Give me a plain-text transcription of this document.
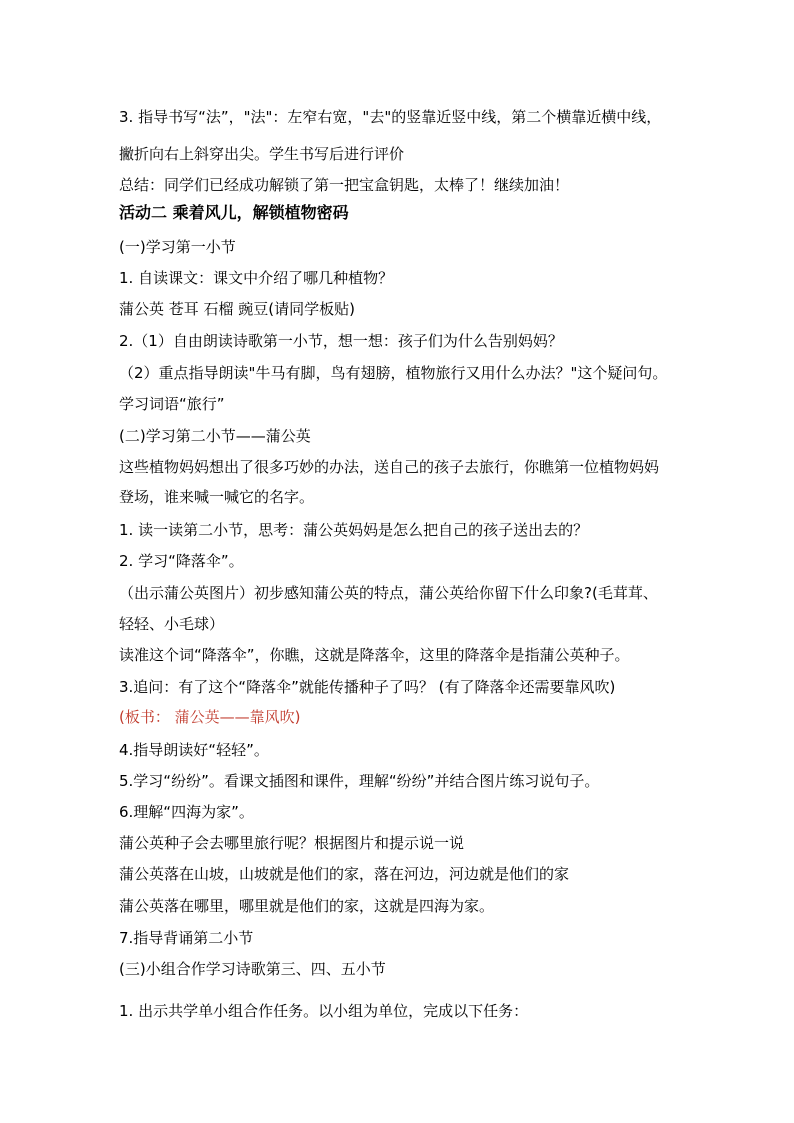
3. 指导书写“法”，"法"：左窄右宽，"去"的竖靠近竖中线，第二个横靠近横中线，
撇折向右上斜穿出尖。学生书写后进行评价
总结：同学们已经成功解锁了第一把宝盒钥匙，太棒了！继续加油！
活动二 乘着风儿，解锁植物密码
(一)学习第一小节
1. 自读课文：课文中介绍了哪几种植物？
蒲公英 苍耳 石榴 豌豆(请同学板贴)
2.（1）自由朗读诗歌第一小节，想一想：孩子们为什么告别妈妈？
（2）重点指导朗读"牛马有脚，鸟有翅膀，植物旅行又用什么办法？"这个疑问句。
学习词语“旅行”
(二)学习第二小节——蒲公英
这些植物妈妈想出了很多巧妙的办法，送自己的孩子去旅行，你瞧第一位植物妈妈
登场，谁来喊一喊它的名字。
1. 读一读第二小节，思考：蒲公英妈妈是怎么把自己的孩子送出去的？
2. 学习“降落伞”。
（出示蒲公英图片）初步感知蒲公英的特点，蒲公英给你留下什么印象?(毛茸茸、
轻轻、小毛球）
读准这个词“降落伞”，你瞧，这就是降落伞，这里的降落伞是指蒲公英种子。
3.追问：有了这个“降落伞”就能传播种子了吗？ (有了降落伞还需要靠风吹)
(板书： 蒲公英——靠风吹)
4.指导朗读好“轻轻”。
5.学习“纷纷”。看课文插图和课件，理解“纷纷”并结合图片练习说句子。
6.理解“四海为家”。
蒲公英种子会去哪里旅行呢？根据图片和提示说一说
蒲公英落在山坡，山坡就是他们的家，落在河边，河边就是他们的家
蒲公英落在哪里，哪里就是他们的家，这就是四海为家。
7.指导背诵第二小节
(三)小组合作学习诗歌第三、四、五小节
1. 出示共学单小组合作任务。以小组为单位，完成以下任务：
